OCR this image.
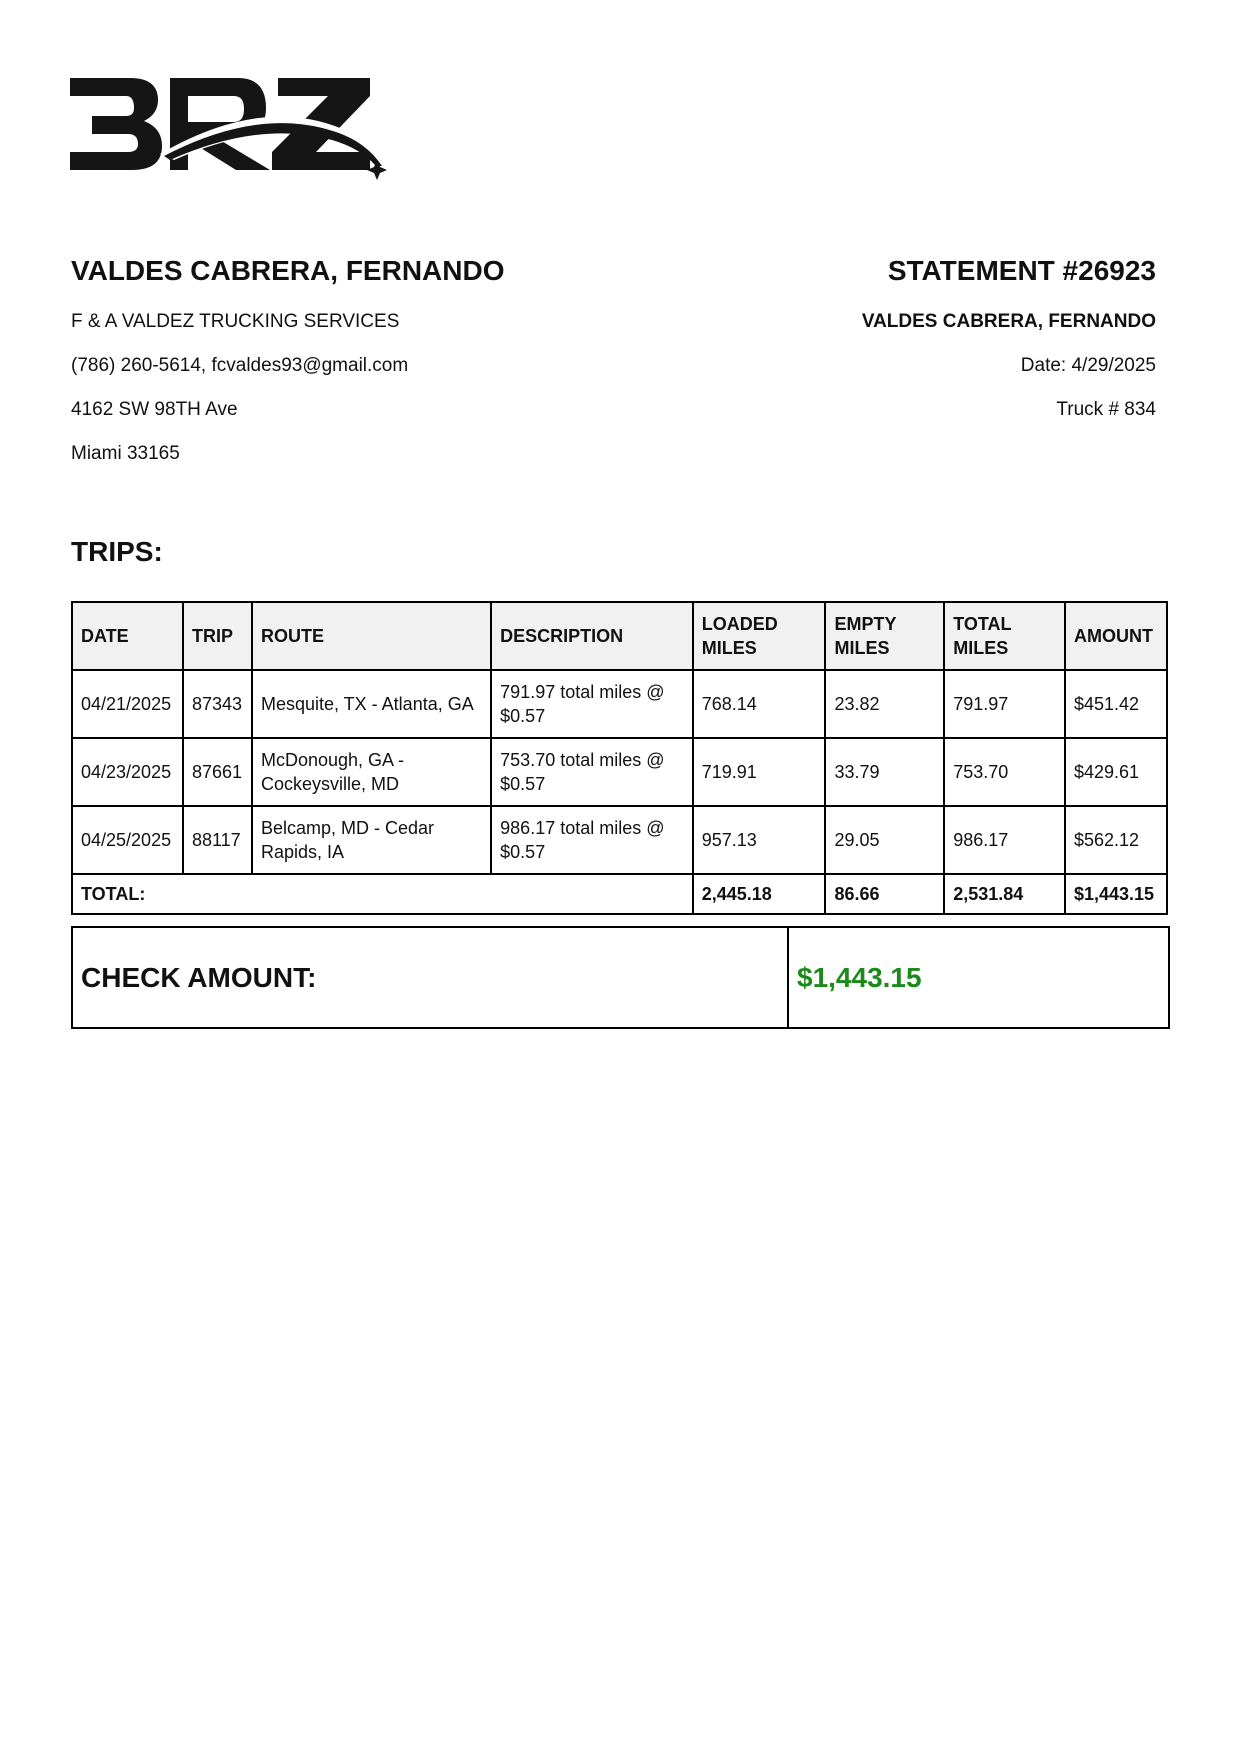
VALDES CABRERA, FERNANDO

F & A VALDEZ TRUCKING SERVICES

(786) 260-5614, fcvaldes93@gmail.com

4162 SW 98TH Ave

Miami 33165

STATEMENT #26923

VALDES CABRERA, FERNANDO

Date: 4/29/2025

Truck # 834

TRIPS:

DATE	TRIP	ROUTE	DESCRIPTION	LOADED MILES	EMPTY MILES	TOTAL MILES	AMOUNT
04/21/2025	87343	Mesquite, TX - Atlanta, GA	791.97 total miles @ $0.57	768.14	23.82	791.97	$451.42
04/23/2025	87661	McDonough, GA - Cockeysville, MD	753.70 total miles @ $0.57	719.91	33.79	753.70	$429.61
04/25/2025	88117	Belcamp, MD - Cedar Rapids, IA	986.17 total miles @ $0.57	957.13	29.05	986.17	$562.12
TOTAL:				2,445.18	86.66	2,531.84	$1,443.15
CHECK AMOUNT:	$1,443.15
